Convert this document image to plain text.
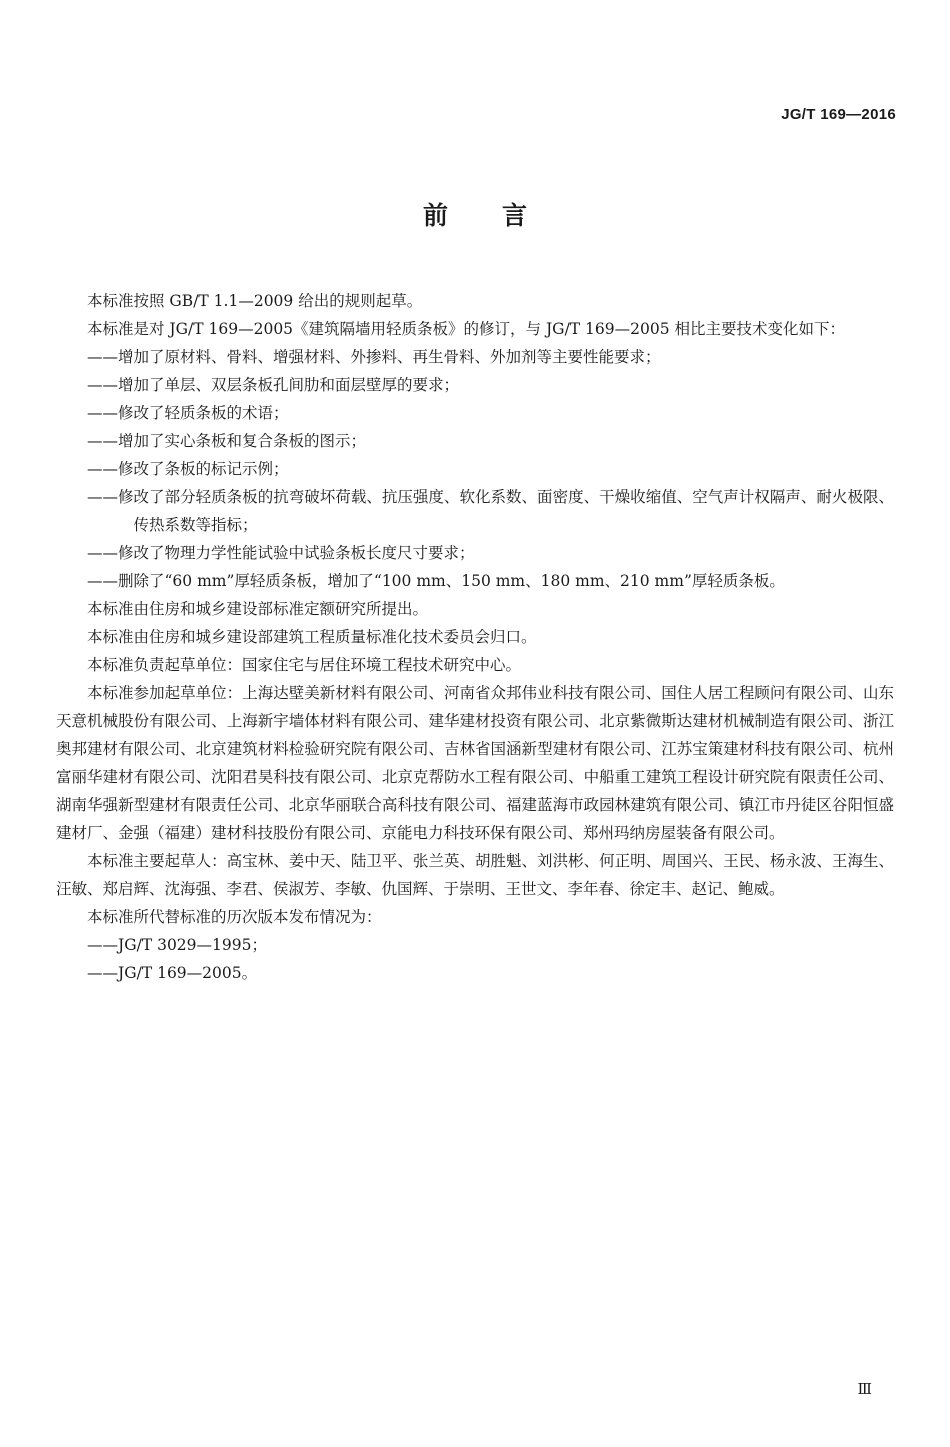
JG/T 169—2016
前言

本标准按照 GB/T 1.1—2009 给出的规则起草。

本标准是对 JG/T 169—2005《建筑隔墙用轻质条板》的修订，与 JG/T 169—2005 相比主要技术变化如下：

——增加了原材料、骨料、增强材料、外掺料、再生骨料、外加剂等主要性能要求；

——增加了单层、双层条板孔间肋和面层壁厚的要求；

——修改了轻质条板的术语；

——增加了实心条板和复合条板的图示；

——修改了条板的标记示例；

——修改了部分轻质条板的抗弯破坏荷载、抗压强度、软化系数、面密度、干燥收缩值、空气声计权隔声、耐火极限、传热系数等指标；

——修改了物理力学性能试验中试验条板长度尺寸要求；

——删除了“60 mm”厚轻质条板，增加了“100 mm、150 mm、180 mm、210 mm”厚轻质条板。

本标准由住房和城乡建设部标准定额研究所提出。

本标准由住房和城乡建设部建筑工程质量标准化技术委员会归口。

本标准负责起草单位：国家住宅与居住环境工程技术研究中心。

本标准参加起草单位：上海达壁美新材料有限公司、河南省众邦伟业科技有限公司、国住人居工程顾问有限公司、山东天意机械股份有限公司、上海新宇墙体材料有限公司、建华建材投资有限公司、北京紫微斯达建材机械制造有限公司、浙江奥邦建材有限公司、北京建筑材料检验研究院有限公司、吉林省国涵新型建材有限公司、江苏宝策建材科技有限公司、杭州富丽华建材有限公司、沈阳君昊科技有限公司、北京克帮防水工程有限公司、中船重工建筑工程设计研究院有限责任公司、湖南华强新型建材有限责任公司、北京华丽联合高科技有限公司、福建蓝海市政园林建筑有限公司、镇江市丹徒区谷阳恒盛建材厂、金强（福建）建材科技股份有限公司、京能电力科技环保有限公司、郑州玛纳房屋装备有限公司。

本标准主要起草人：高宝林、姜中天、陆卫平、张兰英、胡胜魁、刘洪彬、何正明、周国兴、王民、杨永波、王海生、汪敏、郑启辉、沈海强、李君、侯淑芳、李敏、仇国辉、于崇明、王世文、李年春、徐定丰、赵记、鲍威。

本标准所代替标准的历次版本发布情况为：

——JG/T 3029—1995；

——JG/T 169—2005。

Ⅲ
